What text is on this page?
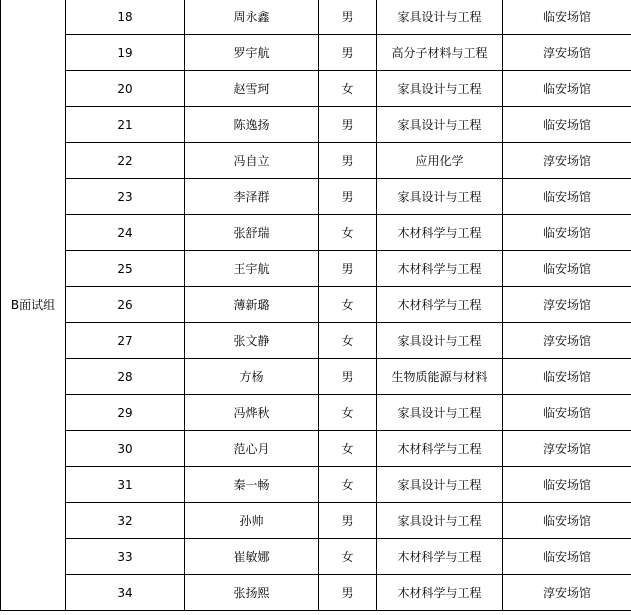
B面试组	18	周永鑫	男	家具设计与工程	临安场馆
	19	罗宇航	男	高分子材料与工程	淳安场馆
	20	赵雪珂	女	家具设计与工程	临安场馆
	21	陈逸扬	男	家具设计与工程	临安场馆
	22	冯自立	男	应用化学	淳安场馆
	23	李泽群	男	家具设计与工程	临安场馆
	24	张舒瑞	女	木材科学与工程	临安场馆
	25	王宇航	男	木材科学与工程	临安场馆
	26	薄新璐	女	木材科学与工程	淳安场馆
	27	张文静	女	家具设计与工程	淳安场馆
	28	方杨	男	生物质能源与材料	临安场馆
	29	冯烨秋	女	家具设计与工程	临安场馆
	30	范心月	女	木材科学与工程	淳安场馆
	31	秦一畅	女	家具设计与工程	临安场馆
	32	孙帅	男	家具设计与工程	临安场馆
	33	崔敏娜	女	木材科学与工程	临安场馆
	34	张扬熙	男	木材科学与工程	淳安场馆
